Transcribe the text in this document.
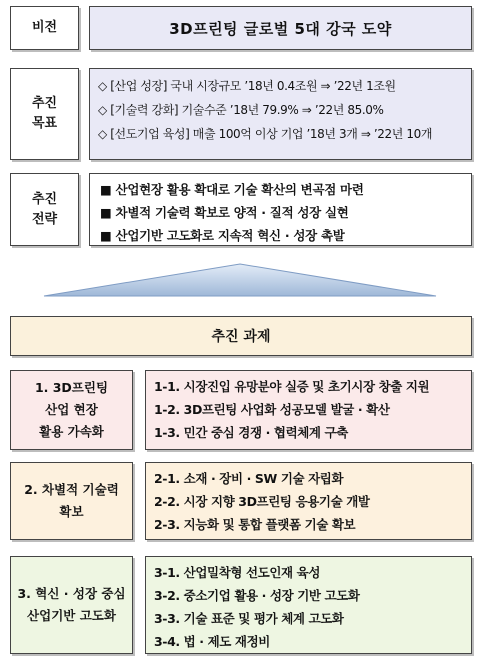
비전	3D프린팅 글로벌 5대 강국 도약
추진
목표
◇ [산업 성장] 국내 시장규모 ’18년 0.4조원 ⇒ ’22년 1조원
◇ [기술력 강화] 기술수준 ’18년 79.9% ⇒ ’22년 85.0%
◇ [선도기업 육성] 매출 100억 이상 기업 ’18년 3개 ⇒ ’22년 10개
추진
전략
■ 산업현장 활용 확대로 기술 확산의 변곡점 마련
■ 차별적 기술력 확보로 양적 · 질적 성장 실현
■ 산업기반 고도화로 지속적 혁신 · 성장 촉발
추진 과제
1. 3D프린팅
산업 현장
활용 가속화
1-1. 시장진입 유망분야 실증 및 초기시장 창출 지원
1-2. 3D프린팅 사업화 성공모델 발굴 · 확산
1-3. 민간 중심 경쟁 · 협력체계 구축
2. 차별적 기술력
확보
2-1. 소재 · 장비 · SW 기술 자립화
2-2. 시장 지향 3D프린팅 응용기술 개발
2-3. 지능화 및 통합 플랫폼 기술 확보
3. 혁신 · 성장 중심
산업기반 고도화
3-1. 산업밀착형 선도인재 육성
3-2. 중소기업 활용 · 성장 기반 고도화
3-3. 기술 표준 및 평가 체계 고도화
3-4. 법 · 제도 재정비
